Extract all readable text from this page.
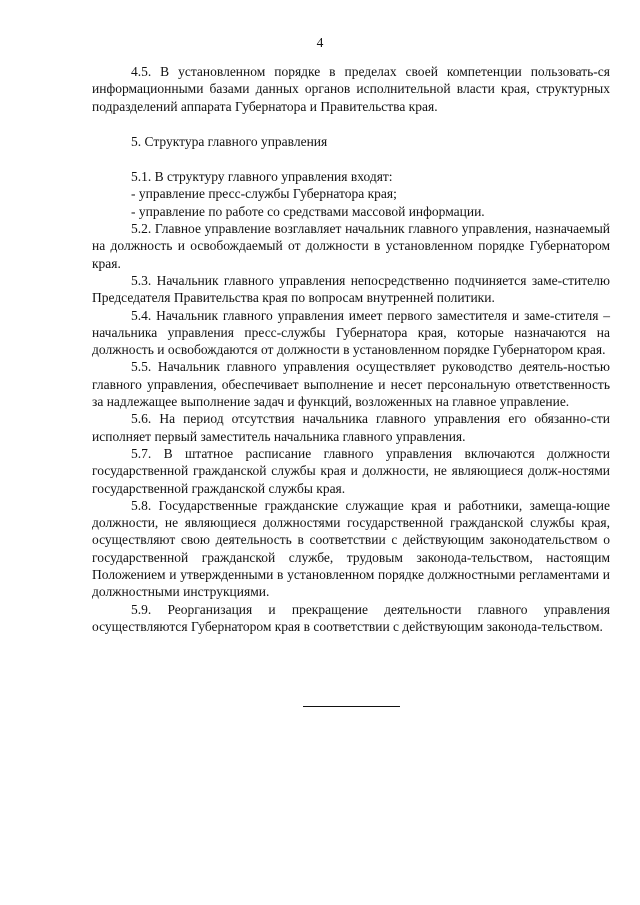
4

4.5. В установленном порядке в пределах своей компетенции пользовать-ся информационными базами данных органов исполнительной власти края, структурных подразделений аппарата Губернатора и Правительства края.

5. Структура главного управления

5.1. В структуру главного управления входят:

- управление пресс-службы Губернатора края;

- управление по работе со средствами массовой информации.

5.2. Главное управление возглавляет начальник главного управления, назначаемый на должность и освобождаемый от должности в установленном порядке Губернатором края.

5.3. Начальник главного управления непосредственно подчиняется заме-стителю Председателя Правительства края по вопросам внутренней политики.

5.4. Начальник главного управления имеет первого заместителя и заме-стителя – начальника управления пресс-службы Губернатора края, которые назначаются на должность и освобождаются от должности в установленном порядке Губернатором края.

5.5. Начальник главного управления осуществляет руководство деятель-ностью главного управления, обеспечивает выполнение и несет персональную ответственность за надлежащее выполнение задач и функций, возложенных на главное управление.

5.6. На период отсутствия начальника главного управления его обязанно-сти исполняет первый заместитель начальника главного управления.

5.7. В штатное расписание главного управления включаются должности государственной гражданской службы края и должности, не являющиеся долж-ностями государственной гражданской службы края.

5.8. Государственные гражданские служащие края и работники, замеща-ющие должности, не являющиеся должностями государственной гражданской службы края, осуществляют свою деятельность в соответствии с действующим законодательством о государственной гражданской службе, трудовым законода-тельством, настоящим Положением и утвержденными в установленном порядке должностными регламентами и должностными инструкциями.

5.9. Реорганизация и прекращение деятельности главного управления осуществляются Губернатором края в соответствии с действующим законода-тельством.
